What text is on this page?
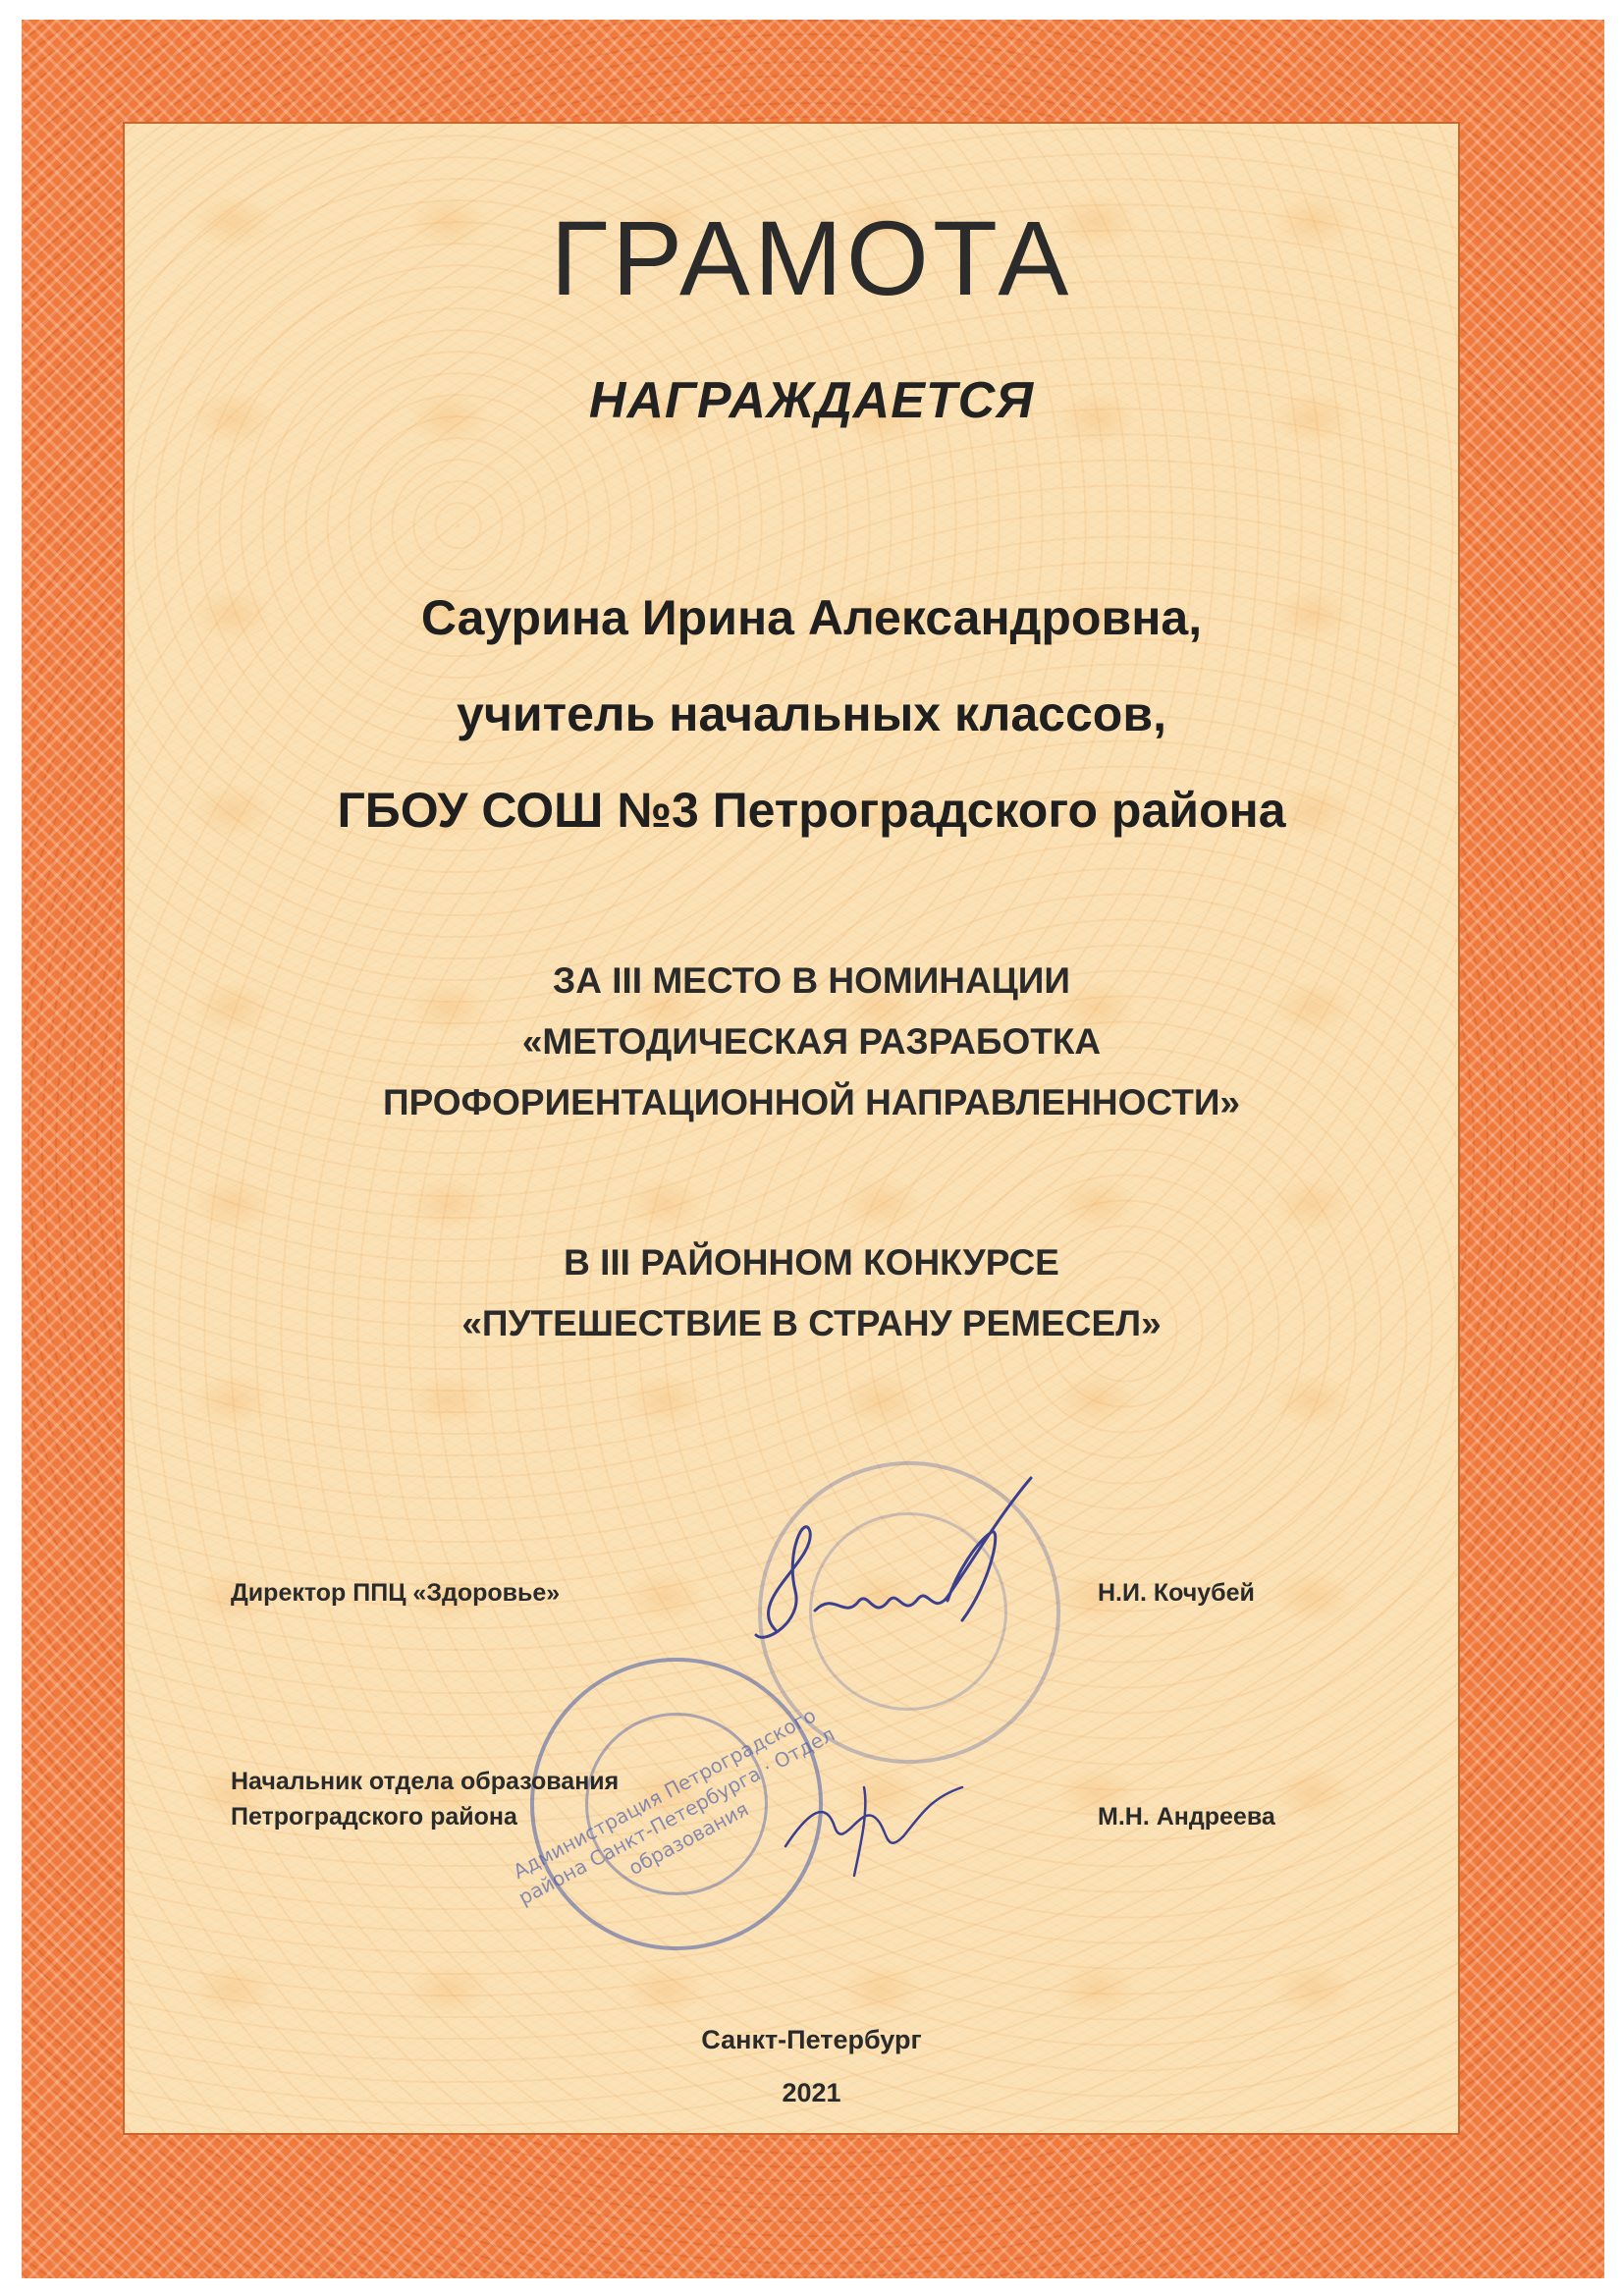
ГРАМОТА
НАГРАЖДАЕТСЯ
Саурина Ирина Александровна,
учитель начальных классов,
ГБОУ СОШ №3 Петроградского района
ЗА III МЕСТО В НОМИНАЦИИ
«МЕТОДИЧЕСКАЯ РАЗРАБОТКА
ПРОФОРИЕНТАЦИОННОЙ НАПРАВЛЕННОСТИ»
В III РАЙОННОМ КОНКУРСЕ
«ПУТЕШЕСТВИЕ В СТРАНУ РЕМЕСЕЛ»
Директор ППЦ «Здоровье»	Н.И. Кочубей
Администрация Петроградского района Санкт-Петербурга · Отдел образования
Начальник отдела образования
Петроградского района	М.Н. Андреева
Санкт-Петербург
2021
